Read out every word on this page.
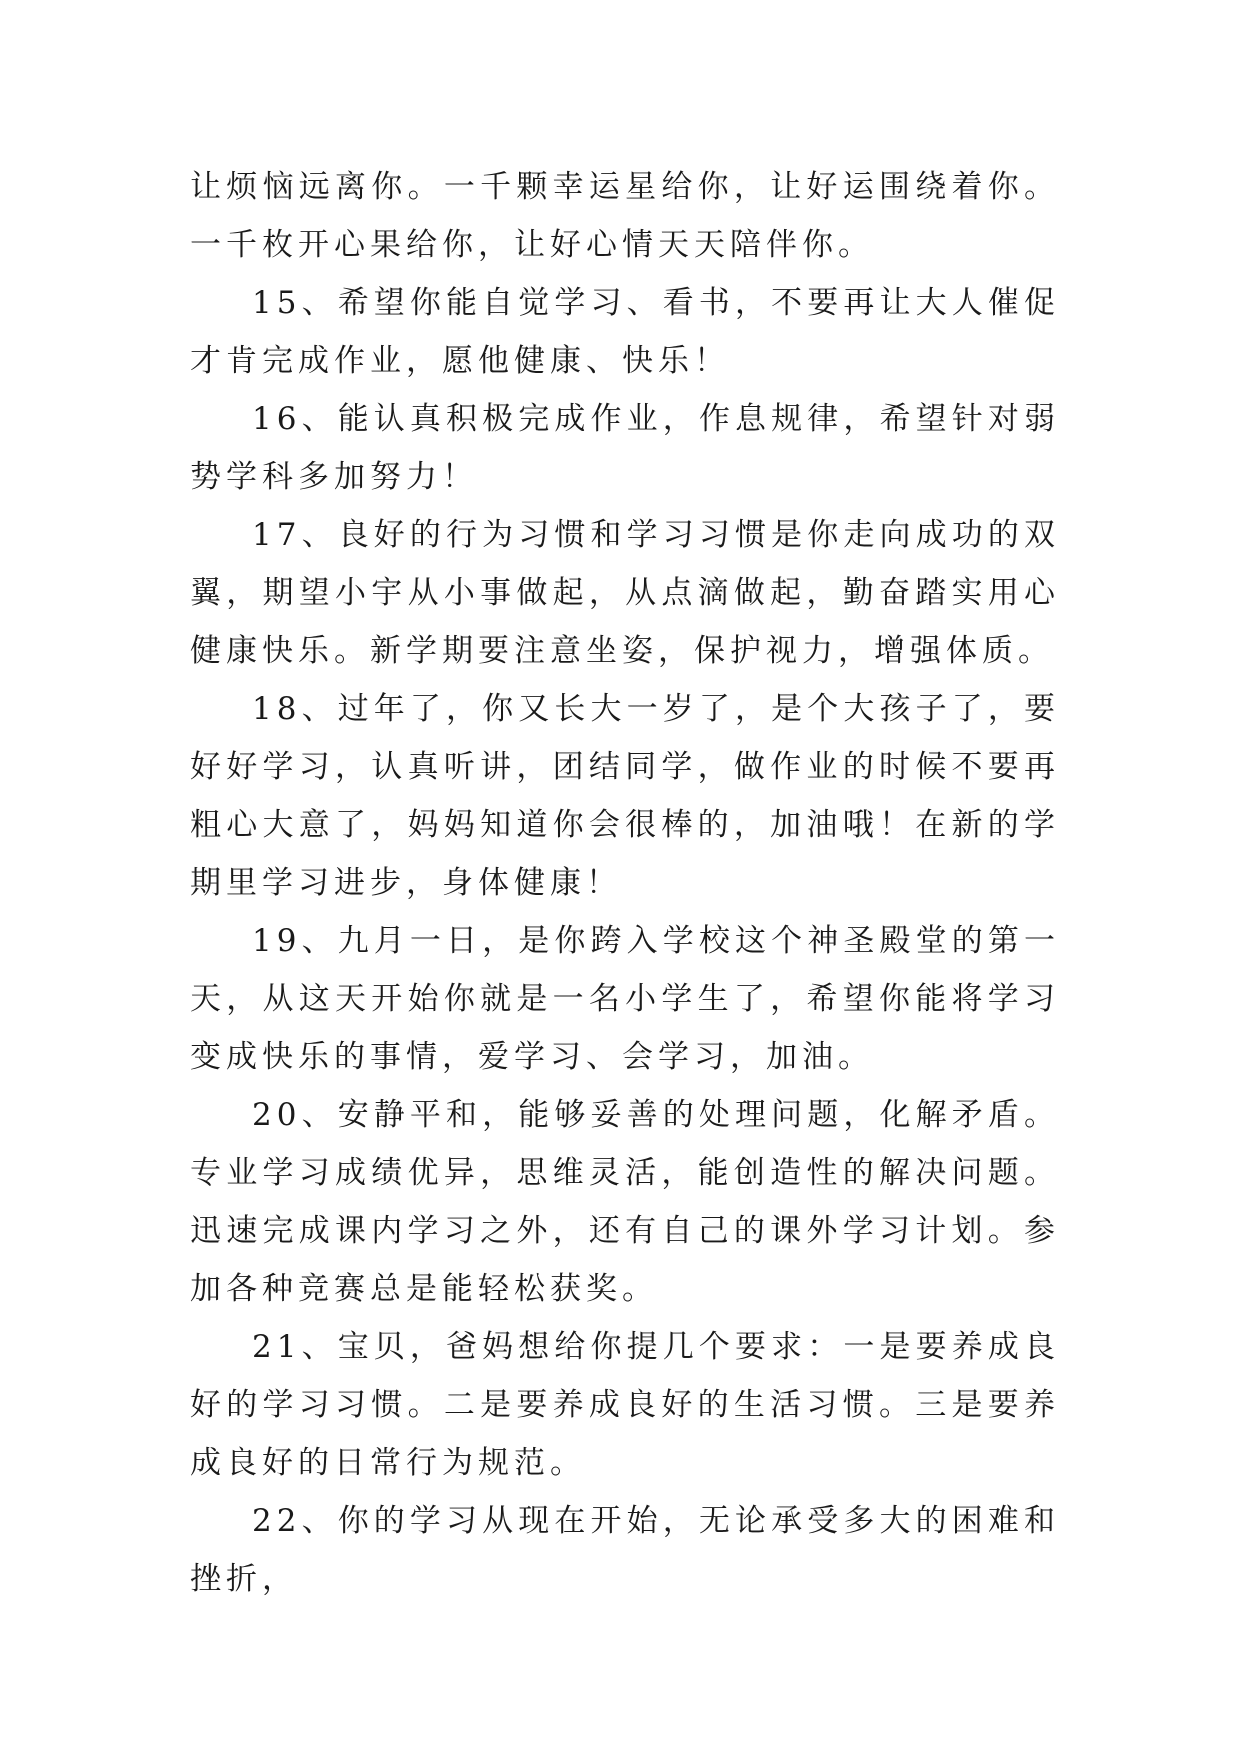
让烦恼远离你。一千颗幸运星给你，让好运围绕着你。一千枚开心果给你，让好心情天天陪伴你。

15、希望你能自觉学习、看书，不要再让大人催促才肯完成作业，愿他健康、快乐！

16、能认真积极完成作业，作息规律，希望针对弱势学科多加努力！

17、良好的行为习惯和学习习惯是你走向成功的双翼，期望小宇从小事做起，从点滴做起，勤奋踏实用心健康快乐。新学期要注意坐姿，保护视力，增强体质。

18、过年了，你又长大一岁了，是个大孩子了，要好好学习，认真听讲，团结同学，做作业的时候不要再粗心大意了，妈妈知道你会很棒的，加油哦！在新的学期里学习进步，身体健康！

19、九月一日，是你跨入学校这个神圣殿堂的第一天，从这天开始你就是一名小学生了，希望你能将学习变成快乐的事情，爱学习、会学习，加油。

20、安静平和，能够妥善的处理问题，化解矛盾。专业学习成绩优异，思维灵活，能创造性的解决问题。迅速完成课内学习之外，还有自己的课外学习计划。参加各种竞赛总是能轻松获奖。

21、宝贝，爸妈想给你提几个要求：一是要养成良好的学习习惯。二是要养成良好的生活习惯。三是要养成良好的日常行为规范。

22、你的学习从现在开始，无论承受多大的困难和挫折，
